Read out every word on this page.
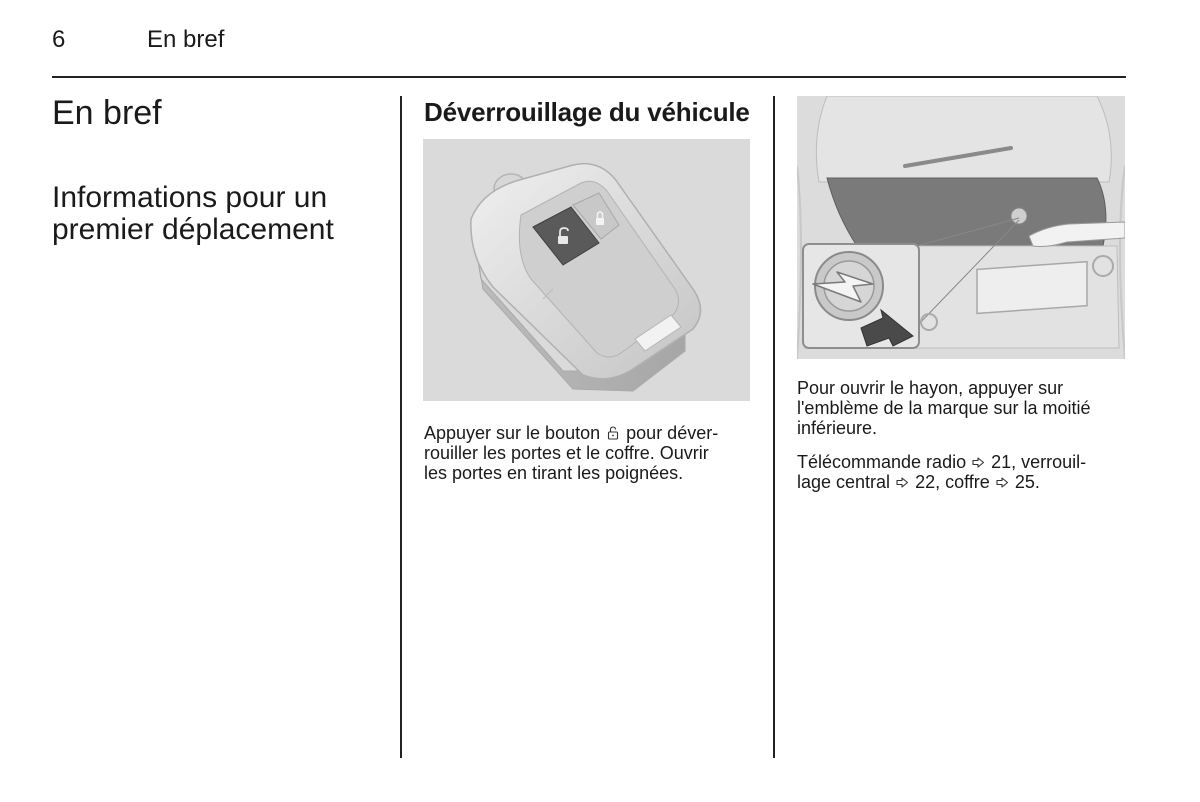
6	En bref
En bref
Informations pour un premier déplacement
Déverrouillage du véhicule
Appuyer sur le bouton pour déver-
rouiller les portes et le coffre. Ouvrir
les portes en tirant les poignées.
Pour ouvrir le hayon, appuyer sur l'emblème de la marque sur la moitié inférieure.
Télécommande radio 21, verrouil-
lage central 22, coffre 25.
